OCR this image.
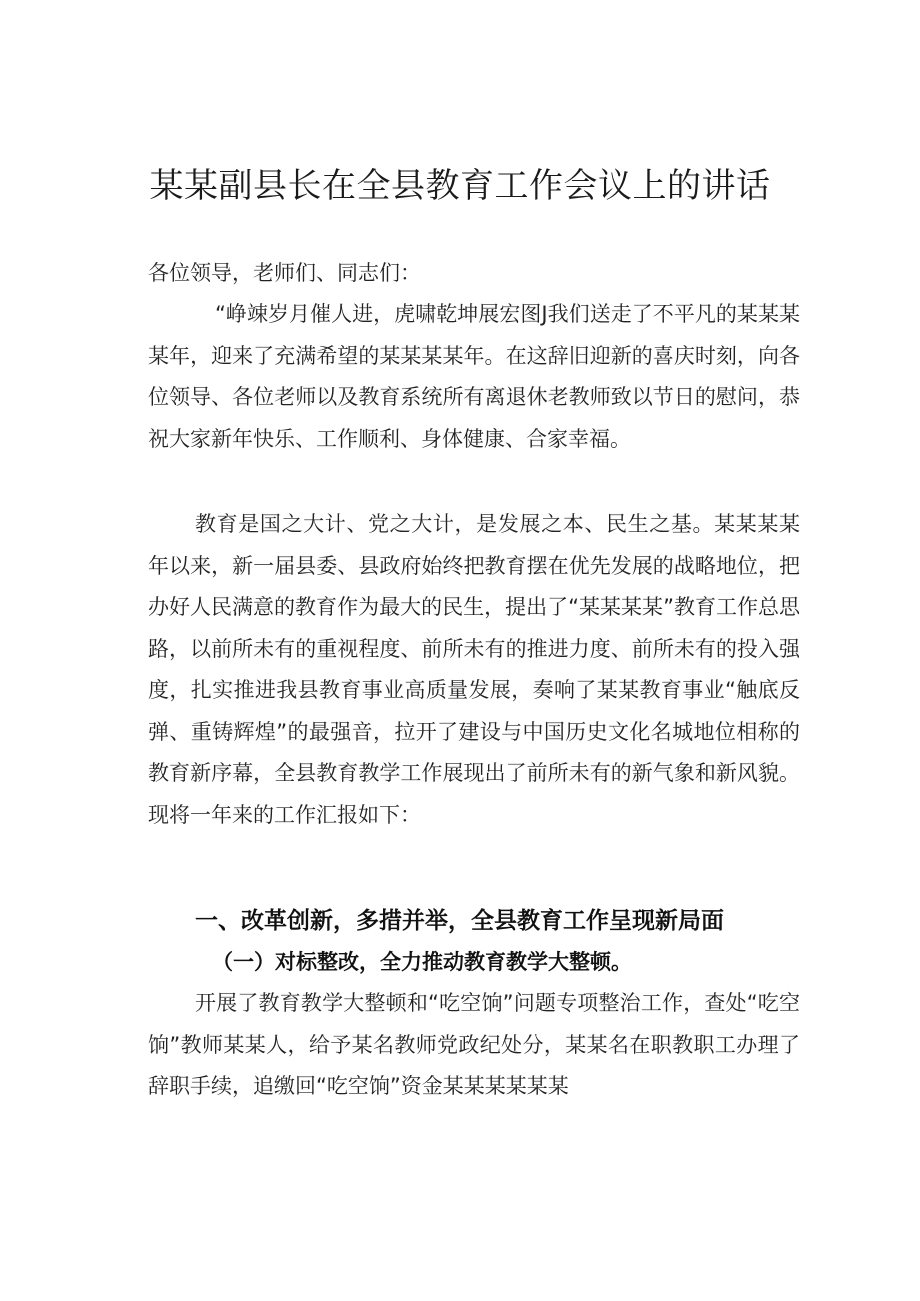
某某副县长在全县教育工作会议上的讲话

各位领导，老师们、同志们：

“峥竦岁月催人进，虎啸乾坤展宏图J我们送走了不平凡的某某某某年，迎来了充满希望的某某某某年。在这辞旧迎新的喜庆时刻，向各位领导、各位老师以及教育系统所有离退休老教师致以节日的慰问，恭祝大家新年快乐、工作顺利、身体健康、合家幸福。

教育是国之大计、党之大计，是发展之本、民生之基。某某某某年以来，新一届县委、县政府始终把教育摆在优先发展的战略地位，把办好人民满意的教育作为最大的民生，提出了“某某某某”教育工作总思路，以前所未有的重视程度、前所未有的推进力度、前所未有的投入强度，扎实推进我县教育事业高质量发展，奏响了某某教育事业“触底反弹、重铸辉煌”的最强音，拉开了建设与中国历史文化名城地位相称的教育新序幕，全县教育教学工作展现出了前所未有的新气象和新风貌。现将一年来的工作汇报如下：

一、改革创新，多措并举，全县教育工作呈现新局面

（一）对标整改，全力推动教育教学大整顿。

开展了教育教学大整顿和“吃空饷”问题专项整治工作，查处“吃空饷”教师某某人，给予某名教师党政纪处分，某某名在职教职工办理了辞职手续，追缴回“吃空饷”资金某某某某某某
